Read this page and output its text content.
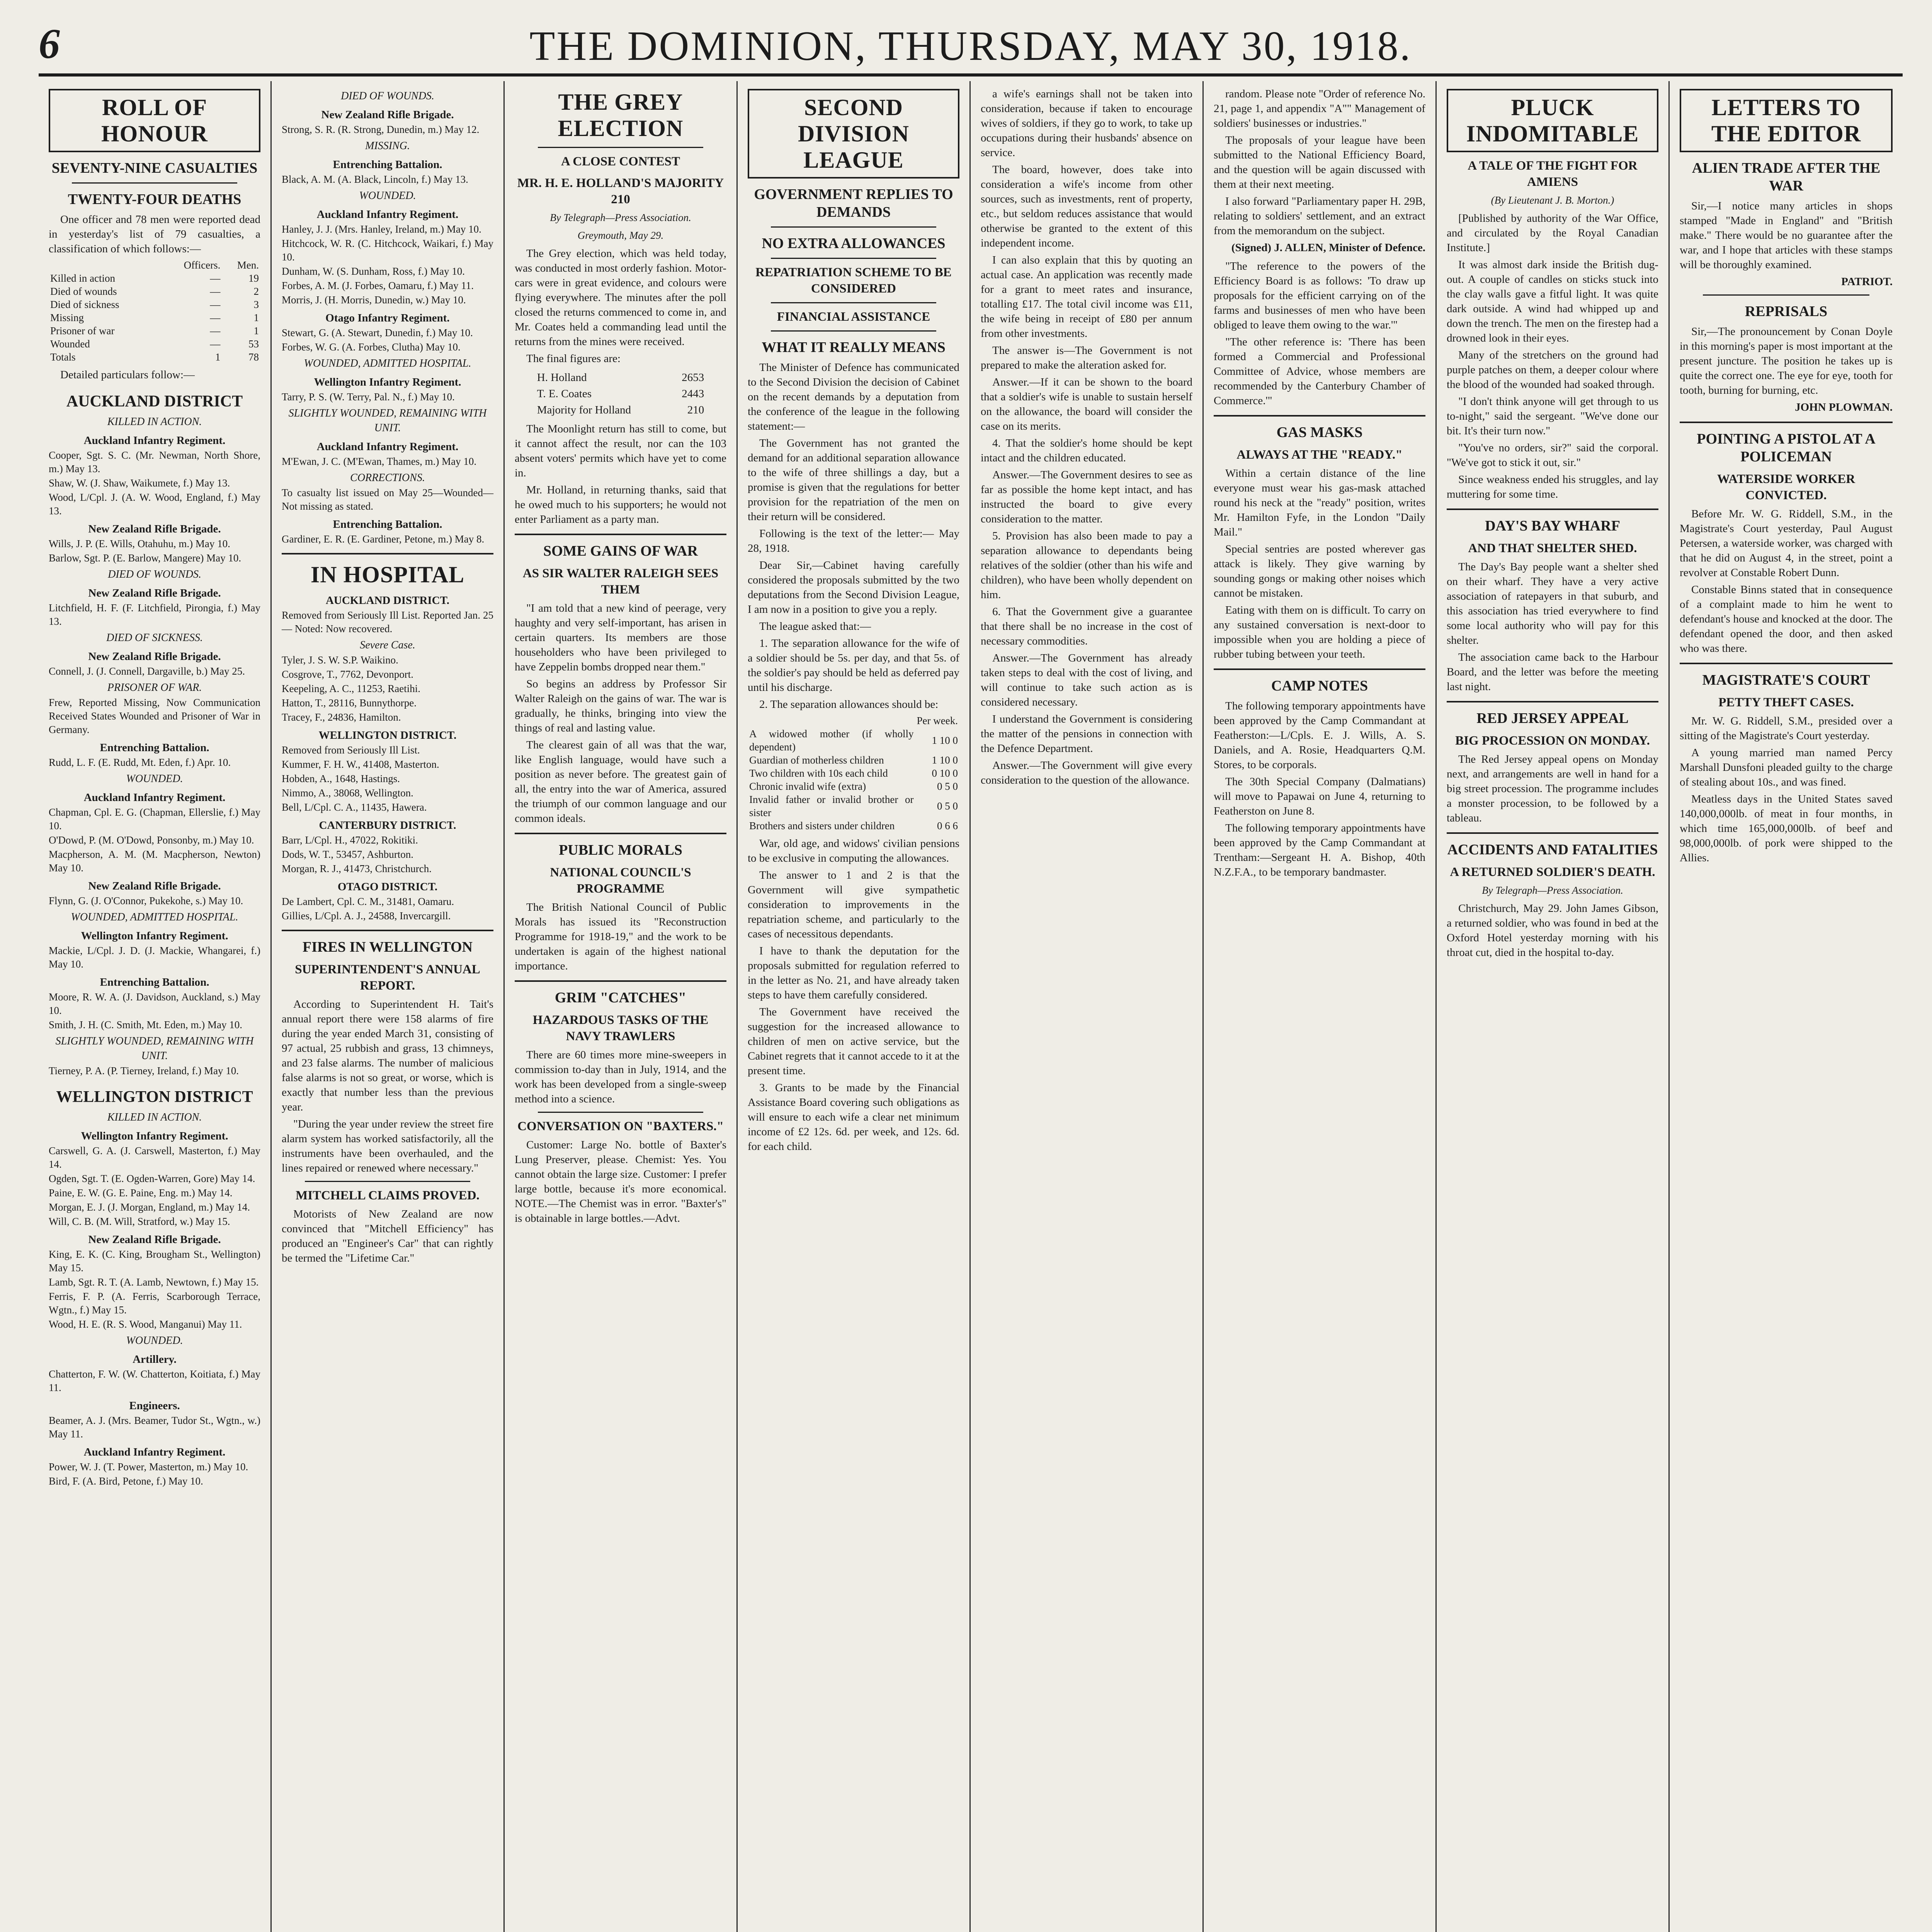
6	THE DOMINION, THURSDAY, MAY 30, 1918.
ROLL OF HONOUR
SEVENTY-NINE CASUALTIES
TWENTY-FOUR DEATHS

One officer and 78 men were reported dead in yesterday's list of 79 casualties, a classification of which follows:—

	Officers.	Men.
Killed in action	—	19
Died of wounds	—	2
Died of sickness	—	3
Missing	—	1
Prisoner of war	—	1
Wounded	—	53
Totals	1	78

Detailed particulars follow:—

AUCKLAND DISTRICT
KILLED IN ACTION.
Auckland Infantry Regiment.

Cooper, Sgt. S. C. (Mr. Newman, North Shore, m.) May 13.

Shaw, W. (J. Shaw, Waikumete, f.) May 13.

Wood, L/Cpl. J. (A. W. Wood, England, f.) May 13.

New Zealand Rifle Brigade.

Wills, J. P. (E. Wills, Otahuhu, m.) May 10.

Barlow, Sgt. P. (E. Barlow, Mangere) May 10.

DIED OF WOUNDS.
New Zealand Rifle Brigade.

Litchfield, H. F. (F. Litchfield, Pirongia, f.) May 13.

DIED OF SICKNESS.
New Zealand Rifle Brigade.

Connell, J. (J. Connell, Dargaville, b.) May 25.

PRISONER OF WAR.

Frew, Reported Missing, Now Communication Received States Wounded and Prisoner of War in Germany.

Entrenching Battalion.

Rudd, L. F. (E. Rudd, Mt. Eden, f.) Apr. 10.

WOUNDED.
Auckland Infantry Regiment.

Chapman, Cpl. E. G. (Chapman, Ellerslie, f.) May 10.

O'Dowd, P. (M. O'Dowd, Ponsonby, m.) May 10.

Macpherson, A. M. (M. Macpherson, Newton) May 10.

New Zealand Rifle Brigade.

Flynn, G. (J. O'Connor, Pukekohe, s.) May 10.

WOUNDED, ADMITTED HOSPITAL.
Wellington Infantry Regiment.

Mackie, L/Cpl. J. D. (J. Mackie, Whangarei, f.) May 10.

Entrenching Battalion.

Moore, R. W. A. (J. Davidson, Auckland, s.) May 10.

Smith, J. H. (C. Smith, Mt. Eden, m.) May 10.

SLIGHTLY WOUNDED, REMAINING WITH UNIT.

Tierney, P. A. (P. Tierney, Ireland, f.) May 10.

WELLINGTON DISTRICT
KILLED IN ACTION.
Wellington Infantry Regiment.

Carswell, G. A. (J. Carswell, Masterton, f.) May 14.

Ogden, Sgt. T. (E. Ogden-Warren, Gore) May 14.

Paine, E. W. (G. E. Paine, Eng. m.) May 14.

Morgan, E. J. (J. Morgan, England, m.) May 14.

Will, C. B. (M. Will, Stratford, w.) May 15.

New Zealand Rifle Brigade.

King, E. K. (C. King, Brougham St., Wellington) May 15.

Lamb, Sgt. R. T. (A. Lamb, Newtown, f.) May 15.

Ferris, F. P. (A. Ferris, Scarborough Terrace, Wgtn., f.) May 15.

Wood, H. E. (R. S. Wood, Manganui) May 11.

WOUNDED.
Artillery.

Chatterton, F. W. (W. Chatterton, Koitiata, f.) May 11.

Engineers.

Beamer, A. J. (Mrs. Beamer, Tudor St., Wgtn., w.) May 11.

Auckland Infantry Regiment.

Power, W. J. (T. Power, Masterton, m.) May 10.

Bird, F. (A. Bird, Petone, f.) May 10.

DIED OF WOUNDS.
New Zealand Rifle Brigade.

Strong, S. R. (R. Strong, Dunedin, m.) May 12.

MISSING.
Entrenching Battalion.

Black, A. M. (A. Black, Lincoln, f.) May 13.

WOUNDED.
Auckland Infantry Regiment.

Hanley, J. J. (Mrs. Hanley, Ireland, m.) May 10.

Hitchcock, W. R. (C. Hitchcock, Waikari, f.) May 10.

Dunham, W. (S. Dunham, Ross, f.) May 10.

Forbes, A. M. (J. Forbes, Oamaru, f.) May 11.

Morris, J. (H. Morris, Dunedin, w.) May 10.

Otago Infantry Regiment.

Stewart, G. (A. Stewart, Dunedin, f.) May 10.

Forbes, W. G. (A. Forbes, Clutha) May 10.

WOUNDED, ADMITTED HOSPITAL.
Wellington Infantry Regiment.

Tarry, P. S. (W. Terry, Pal. N., f.) May 10.

SLIGHTLY WOUNDED, REMAINING WITH UNIT.
Auckland Infantry Regiment.

M'Ewan, J. C. (M'Ewan, Thames, m.) May 10.

CORRECTIONS.

To casualty list issued on May 25—Wounded—Not missing as stated.

Entrenching Battalion.

Gardiner, E. R. (E. Gardiner, Petone, m.) May 8.

IN HOSPITAL
AUCKLAND DISTRICT.

Removed from Seriously Ill List. Reported Jan. 25 — Noted: Now recovered.

Severe Case.

Tyler, J. S. W. S.P. Waikino.

Cosgrove, T., 7762, Devonport.

Keepeling, A. C., 11253, Raetihi.

Hatton, T., 28116, Bunnythorpe.

Tracey, F., 24836, Hamilton.

WELLINGTON DISTRICT.

Removed from Seriously Ill List.

Kummer, F. H. W., 41408, Masterton.

Hobden, A., 1648, Hastings.

Nimmo, A., 38068, Wellington.

Bell, L/Cpl. C. A., 11435, Hawera.

CANTERBURY DISTRICT.

Barr, L/Cpl. H., 47022, Rokitiki.

Dods, W. T., 53457, Ashburton.

Morgan, R. J., 41473, Christchurch.

OTAGO DISTRICT.

De Lambert, Cpl. C. M., 31481, Oamaru.

Gillies, L/Cpl. A. J., 24588, Invercargill.

FIRES IN WELLINGTON
SUPERINTENDENT'S ANNUAL REPORT.

According to Superintendent H. Tait's annual report there were 158 alarms of fire during the year ended March 31, consisting of 97 actual, 25 rubbish and grass, 13 chimneys, and 23 false alarms. The number of malicious false alarms is not so great, or worse, which is exactly that number less than the previous year.

"During the year under review the street fire alarm system has worked satisfactorily, all the instruments have been overhauled, and the lines repaired or renewed where necessary."

MITCHELL CLAIMS PROVED.

Motorists of New Zealand are now convinced that "Mitchell Efficiency" has produced an "Engineer's Car" that can rightly be termed the "Lifetime Car."

THE GREY ELECTION
A CLOSE CONTEST
MR. H. E. HOLLAND'S MAJORITY 210
By Telegraph—Press Association.
Greymouth, May 29.

The Grey election, which was held today, was conducted in most orderly fashion. Motor-cars were in great evidence, and colours were flying everywhere. The minutes after the poll closed the returns commenced to come in, and Mr. Coates held a commanding lead until the returns from the mines were received.

The final figures are:

H. Holland	2653
T. E. Coates	2443
Majority for Holland	210

The Moonlight return has still to come, but it cannot affect the result, nor can the 103 absent voters' permits which have yet to come in.

Mr. Holland, in returning thanks, said that he owed much to his supporters; he would not enter Parliament as a party man.

SOME GAINS OF WAR
AS SIR WALTER RALEIGH SEES THEM

"I am told that a new kind of peerage, very haughty and very self-important, has arisen in certain quarters. Its members are those householders who have been privileged to have Zeppelin bombs dropped near them."

So begins an address by Professor Sir Walter Raleigh on the gains of war. The war is gradually, he thinks, bringing into view the things of real and lasting value.

The clearest gain of all was that the war, like English language, would have such a position as never before. The greatest gain of all, the entry into the war of America, assured the triumph of our common language and our common ideals.

PUBLIC MORALS
NATIONAL COUNCIL'S PROGRAMME

The British National Council of Public Morals has issued its "Reconstruction Programme for 1918-19," and the work to be undertaken is again of the highest national importance.

GRIM "CATCHES"
HAZARDOUS TASKS OF THE NAVY TRAWLERS

There are 60 times more mine-sweepers in commission to-day than in July, 1914, and the work has been developed from a single-sweep method into a science.

CONVERSATION ON "BAXTERS."

Customer: Large No. bottle of Baxter's Lung Preserver, please. Chemist: Yes. You cannot obtain the large size. Customer: I prefer large bottle, because it's more economical. NOTE.—The Chemist was in error. "Baxter's" is obtainable in large bottles.—Advt.

SECOND DIVISION LEAGUE
GOVERNMENT REPLIES TO DEMANDS
NO EXTRA ALLOWANCES
REPATRIATION SCHEME TO BE CONSIDERED
FINANCIAL ASSISTANCE
WHAT IT REALLY MEANS

The Minister of Defence has communicated to the Second Division the decision of Cabinet on the recent demands by a deputation from the conference of the league in the following statement:—

The Government has not granted the demand for an additional separation allowance to the wife of three shillings a day, but a promise is given that the regulations for better provision for the repatriation of the men on their return will be considered.

Following is the text of the letter:— May 28, 1918.

Dear Sir,—Cabinet having carefully considered the proposals submitted by the two deputations from the Second Division League, I am now in a position to give you a reply.

The league asked that:—

1. The separation allowance for the wife of a soldier should be 5s. per day, and that 5s. of the soldier's pay should be held as deferred pay until his discharge.

2. The separation allowances should be:

	Per week.
A widowed mother (if wholly dependent)	1 10 0
Guardian of motherless children	1 10 0
Two children with 10s each child	0 10 0
Chronic invalid wife (extra)	0 5 0
Invalid father or invalid brother or sister	0 5 0
Brothers and sisters under children	0 6 6

War, old age, and widows' civilian pensions to be exclusive in computing the allowances.

The answer to 1 and 2 is that the Government will give sympathetic consideration to improvements in the repatriation scheme, and particularly to the cases of necessitous dependants.

I have to thank the deputation for the proposals submitted for regulation referred to in the letter as No. 21, and have already taken steps to have them carefully considered.

The Government have received the suggestion for the increased allowance to children of men on active service, but the Cabinet regrets that it cannot accede to it at the present time.

3. Grants to be made by the Financial Assistance Board covering such obligations as will ensure to each wife a clear net minimum income of £2 12s. 6d. per week, and 12s. 6d. for each child.

a wife's earnings shall not be taken into consideration, because if taken to encourage wives of soldiers, if they go to work, to take up occupations during their husbands' absence on service.

The board, however, does take into consideration a wife's income from other sources, such as investments, rent of property, etc., but seldom reduces assistance that would otherwise be granted to the extent of this independent income.

I can also explain that this by quoting an actual case. An application was recently made for a grant to meet rates and insurance, totalling £17. The total civil income was £11, the wife being in receipt of £80 per annum from other investments.

The answer is—The Government is not prepared to make the alteration asked for.

Answer.—If it can be shown to the board that a soldier's wife is unable to sustain herself on the allowance, the board will consider the case on its merits.

4. That the soldier's home should be kept intact and the children educated.

Answer.—The Government desires to see as far as possible the home kept intact, and has instructed the board to give every consideration to the matter.

5. Provision has also been made to pay a separation allowance to dependants being relatives of the soldier (other than his wife and children), who have been wholly dependent on him.

6. That the Government give a guarantee that there shall be no increase in the cost of necessary commodities.

Answer.—The Government has already taken steps to deal with the cost of living, and will continue to take such action as is considered necessary.

I understand the Government is considering the matter of the pensions in connection with the Defence Department.

Answer.—The Government will give every consideration to the question of the allowance.

random. Please note "Order of reference No. 21, page 1, and appendix "A"" Management of soldiers' businesses or industries."

The proposals of your league have been submitted to the National Efficiency Board, and the question will be again discussed with them at their next meeting.

I also forward "Parliamentary paper H. 29B, relating to soldiers' settlement, and an extract from the memorandum on the subject.

(Signed) J. ALLEN, Minister of Defence.

"The reference to the powers of the Efficiency Board is as follows: 'To draw up proposals for the efficient carrying on of the farms and businesses of men who have been obliged to leave them owing to the war.'"

"The other reference is: 'There has been formed a Commercial and Professional Committee of Advice, whose members are recommended by the Canterbury Chamber of Commerce.'"

GAS MASKS
ALWAYS AT THE "READY."

Within a certain distance of the line everyone must wear his gas-mask attached round his neck at the "ready" position, writes Mr. Hamilton Fyfe, in the London "Daily Mail."

Special sentries are posted wherever gas attack is likely. They give warning by sounding gongs or making other noises which cannot be mistaken.

Eating with them on is difficult. To carry on any sustained conversation is next-door to impossible when you are holding a piece of rubber tubing between your teeth.

CAMP NOTES

The following temporary appointments have been approved by the Camp Commandant at Featherston:—L/Cpls. E. J. Wills, A. S. Daniels, and A. Rosie, Headquarters Q.M. Stores, to be corporals.

The 30th Special Company (Dalmatians) will move to Papawai on June 4, returning to Featherston on June 8.

The following temporary appointments have been approved by the Camp Commandant at Trentham:—Sergeant H. A. Bishop, 40th N.Z.F.A., to be temporary bandmaster.

PLUCK INDOMITABLE
A TALE OF THE FIGHT FOR AMIENS
(By Lieutenant J. B. Morton.)

[Published by authority of the War Office, and circulated by the Royal Canadian Institute.]

It was almost dark inside the British dug-out. A couple of candles on sticks stuck into the clay walls gave a fitful light. It was quite dark outside. A wind had whipped up and down the trench. The men on the firestep had a drowned look in their eyes.

Many of the stretchers on the ground had purple patches on them, a deeper colour where the blood of the wounded had soaked through.

"I don't think anyone will get through to us to-night," said the sergeant. "We've done our bit. It's their turn now."

"You've no orders, sir?" said the corporal. "We've got to stick it out, sir."

Since weakness ended his struggles, and lay muttering for some time.

DAY'S BAY WHARF
AND THAT SHELTER SHED.

The Day's Bay people want a shelter shed on their wharf. They have a very active association of ratepayers in that suburb, and this association has tried everywhere to find some local authority who will pay for this shelter.

The association came back to the Harbour Board, and the letter was before the meeting last night.

RED JERSEY APPEAL
BIG PROCESSION ON MONDAY.

The Red Jersey appeal opens on Monday next, and arrangements are well in hand for a big street procession. The programme includes a monster procession, to be followed by a tableau.

ACCIDENTS AND FATALITIES
A RETURNED SOLDIER'S DEATH.
By Telegraph—Press Association.

Christchurch, May 29. John James Gibson, a returned soldier, who was found in bed at the Oxford Hotel yesterday morning with his throat cut, died in the hospital to-day.

LETTERS TO THE EDITOR
ALIEN TRADE AFTER THE WAR

Sir,—I notice many articles in shops stamped "Made in England" and "British make." There would be no guarantee after the war, and I hope that articles with these stamps will be thoroughly examined.

PATRIOT.

REPRISALS

Sir,—The pronouncement by Conan Doyle in this morning's paper is most important at the present juncture. The position he takes up is quite the correct one. The eye for eye, tooth for tooth, burning for burning, etc.

JOHN PLOWMAN.

POINTING A PISTOL AT A POLICEMAN
WATERSIDE WORKER CONVICTED.

Before Mr. W. G. Riddell, S.M., in the Magistrate's Court yesterday, Paul August Petersen, a waterside worker, was charged with that he did on August 4, in the street, point a revolver at Constable Robert Dunn.

Constable Binns stated that in consequence of a complaint made to him he went to defendant's house and knocked at the door. The defendant opened the door, and then asked who was there.

MAGISTRATE'S COURT
PETTY THEFT CASES.

Mr. W. G. Riddell, S.M., presided over a sitting of the Magistrate's Court yesterday.

A young married man named Percy Marshall Dunsfoni pleaded guilty to the charge of stealing about 10s., and was fined.

Meatless days in the United States saved 140,000,000lb. of meat in four months, in which time 165,000,000lb. of beef and 98,000,000lb. of pork were shipped to the Allies.
